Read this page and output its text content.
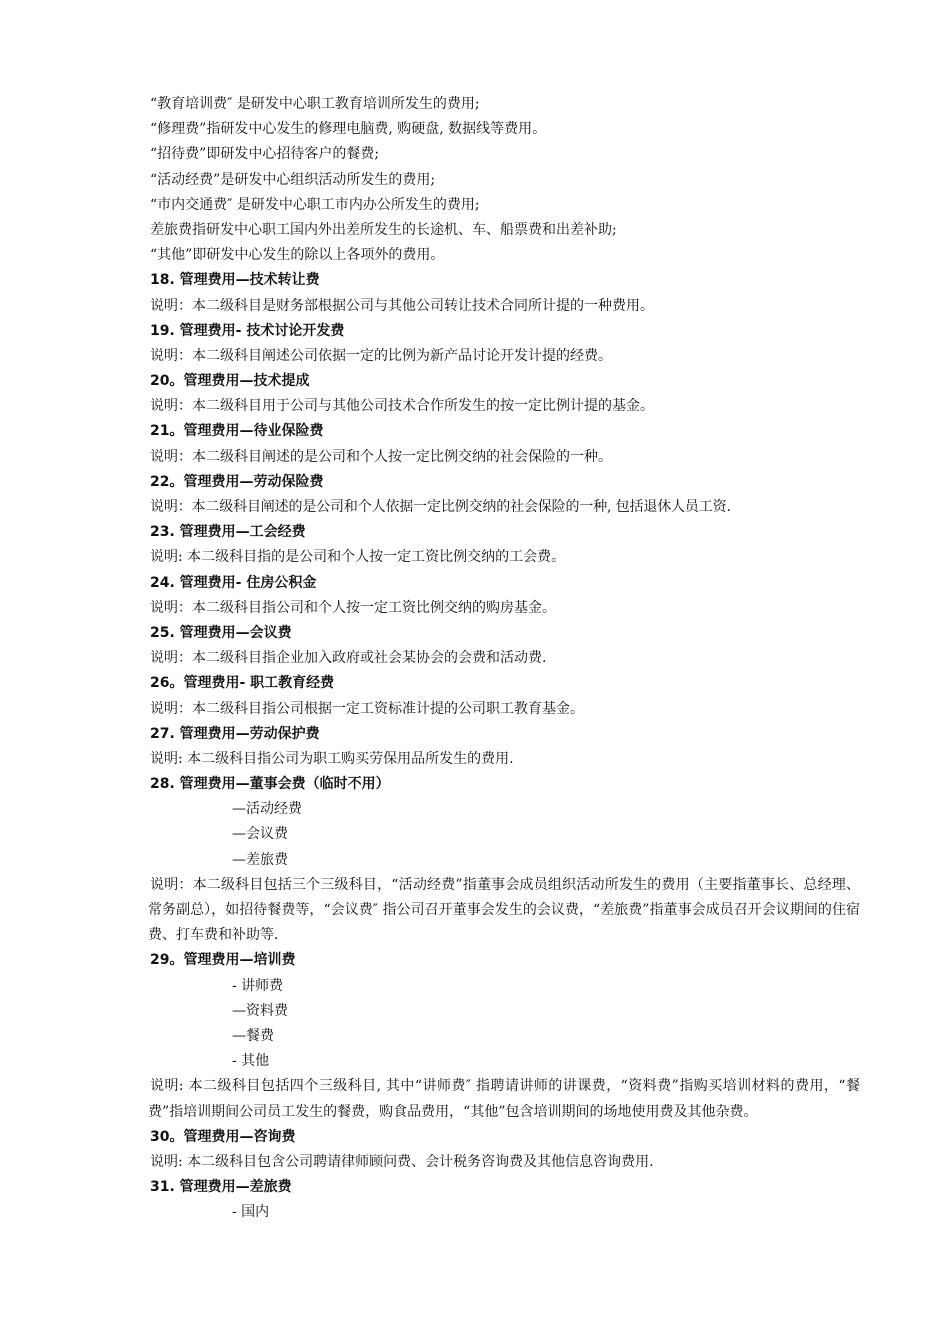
“教育培训费″ 是研发中心职工教育培训所发生的费用;
“修理费”指研发中心发生的修理电脑费, 购硬盘, 数据线等费用。
“招待费”即研发中心招待客户的餐费;
“活动经费”是研发中心组织活动所发生的费用;
“市内交通费″ 是研发中心职工市内办公所发生的费用;
差旅费指研发中心职工国内外出差所发生的长途机、车、船票费和出差补助;
“其他”即研发中心发生的除以上各项外的费用。
18. 管理费用—技术转让费
说明：本二级科目是财务部根据公司与其他公司转让技术合同所计提的一种费用。
19. 管理费用- 技术讨论开发费
说明：本二级科目阐述公司依据一定的比例为新产品讨论开发计提的经费。
20。管理费用—技术提成
说明：本二级科目用于公司与其他公司技术合作所发生的按一定比例计提的基金。
21。管理费用—待业保险费
说明：本二级科目阐述的是公司和个人按一定比例交纳的社会保险的一种。
22。管理费用—劳动保险费
说明：本二级科目阐述的是公司和个人依据一定比例交纳的社会保险的一种, 包括退休人员工资.
23. 管理费用—工会经费
说明: 本二级科目指的是公司和个人按一定工资比例交纳的工会费。
24. 管理费用- 住房公积金
说明：本二级科目指公司和个人按一定工资比例交纳的购房基金。
25. 管理费用—会议费
说明：本二级科目指企业加入政府或社会某协会的会费和活动费.
26。管理费用- 职工教育经费
说明：本二级科目指公司根据一定工资标准计提的公司职工教育基金。
27. 管理费用—劳动保护费
说明: 本二级科目指公司为职工购买劳保用品所发生的费用.
28. 管理费用—董事会费（临时不用）
—活动经费
—会议费
—差旅费
说明：本二级科目包括三个三级科目，“活动经费”指董事会成员组织活动所发生的费用（主要指董事长、总经理、常务副总），如招待餐费等，“会议费″ 指公司召开董事会发生的会议费，“差旅费”指董事会成员召开会议期间的住宿费、打车费和补助等.
29。管理费用—培训费
- 讲师费
—资料费
—餐费
- 其他
说明: 本二级科目包括四个三级科目, 其中“讲师费″ 指聘请讲师的讲课费，“资料费”指购买培训材料的费用，“餐费”指培训期间公司员工发生的餐费，购食品费用，“其他”包含培训期间的场地使用费及其他杂费。
30。管理费用—咨询费
说明: 本二级科目包含公司聘请律师顾问费、会计税务咨询费及其他信息咨询费用.
31. 管理费用—差旅费
- 国内
